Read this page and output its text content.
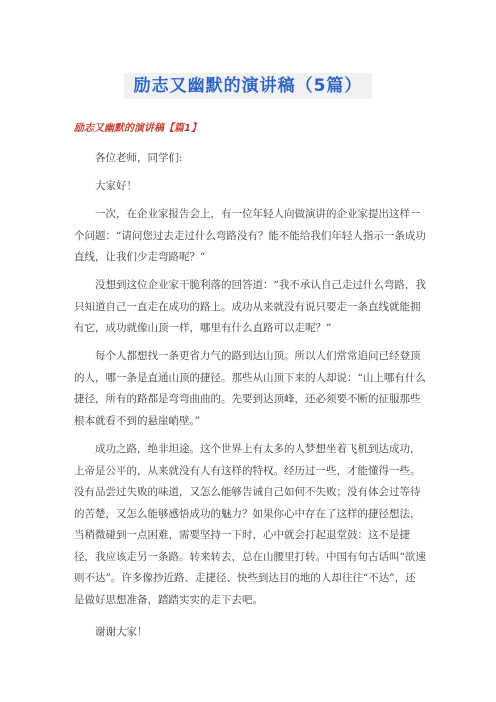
励志又幽默的演讲稿（5篇）
励志又幽默的演讲稿【篇1】

各位老师，同学们:

大家好！

一次，在企业家报告会上，有一位年轻人向做演讲的企业家提出这样一个问题：“请问您过去走过什么弯路没有？能不能给我们年轻人指示一条成功直线，让我们少走弯路呢？”

没想到这位企业家干脆利落的回答道：“我不承认自己走过什么弯路，我只知道自己一直走在成功的路上。成功从来就没有说只要走一条直线就能拥有它，成功就像山顶一样，哪里有什么直路可以走呢？”

每个人都想找一条更省力气的路到达山顶。所以人们常常追问已经登顶的人，哪一条是直通山顶的捷径。那些从山顶下来的人却说：“山上哪有什么捷径，所有的路都是弯弯曲曲的。先要到达顶峰，还必须要不断的征服那些根本就看不到的悬崖峭壁。”

成功之路，绝非坦途。这个世界上有太多的人梦想坐着飞机到达成功，上帝是公平的，从来就没有人有这样的特权。经历过一些，才能懂得一些。没有品尝过失败的味道，又怎么能够告诫自己如何不失败；没有体会过等待的苦楚，又怎么能够感悟成功的魅力？如果你心中存在了这样的捷径想法，当稍微碰到一点困难，需要坚持一下时，心中就会打起退堂鼓：这不是捷径，我应该走另一条路。转来转去，总在山腰里打转。中国有句古话叫“欲速则不达”。许多像抄近路、走捷径、快些到达目的地的人却往往“不达”，还是做好思想准备，踏踏实实的走下去吧。

谢谢大家！
